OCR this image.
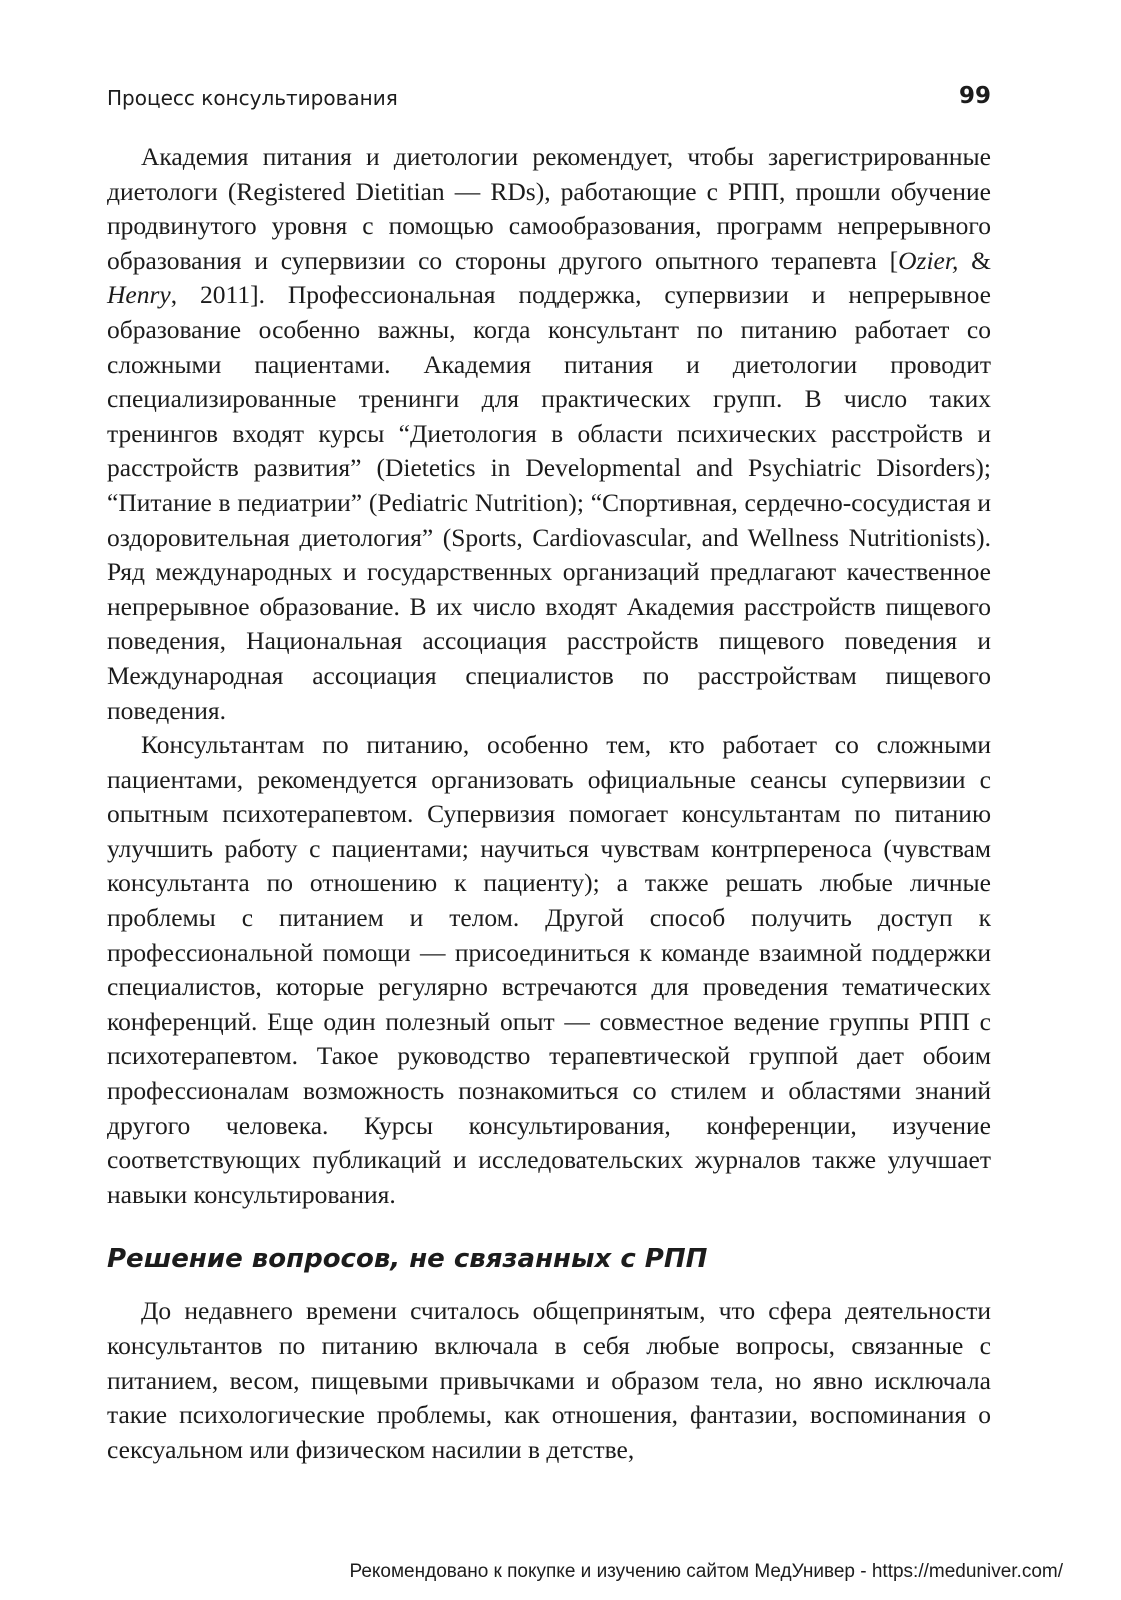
Процесс консультирования	99

Академия питания и диетологии рекомендует, чтобы зарегистрированные диетологи (Registered Dietitian — RDs), работающие с РПП, прошли обучение продвинутого уровня с помощью самообразования, программ непрерывного образования и супервизии со стороны другого опытного терапевта [Ozier, & Henry, 2011]. Профессиональная поддержка, супервизии и непрерывное образование особенно важны, когда консультант по питанию работает со сложными пациентами. Академия питания и диетологии проводит специализированные тренинги для практических групп. В число таких тренингов входят курсы “Диетология в области психических расстройств и расстройств развития” (Dietetics in Developmental and Psychiatric Disorders); “Питание в педиатрии” (Pediatric Nutrition); “Спортивная, сердечно-сосудистая и оздоровительная диетология” (Sports, Cardiovascular, and Wellness Nutritionists). Ряд международных и государственных организаций предлагают качественное непрерывное образование. В их число входят Академия расстройств пищевого поведения, Национальная ассоциация расстройств пищевого поведения и Международная ассоциация специалистов по расстройствам пищевого поведения.

Консультантам по питанию, особенно тем, кто работает со сложными пациентами, рекомендуется организовать официальные сеансы супервизии с опытным психотерапевтом. Супервизия помогает консультантам по питанию улучшить работу с пациентами; научиться чувствам контрпереноса (чувствам консультанта по отношению к пациенту); а также решать любые личные проблемы с питанием и телом. Другой способ получить доступ к профессиональной помощи — присоединиться к команде взаимной поддержки специалистов, которые регулярно встречаются для проведения тематических конференций. Еще один полезный опыт — совместное ведение группы РПП с психотерапевтом. Такое руководство терапевтической группой дает обоим профессионалам возможность познакомиться со стилем и областями знаний другого человека. Курсы консультирования, конференции, изучение соответствующих публикаций и исследовательских журналов также улучшает навыки консультирования.

Решение вопросов, не связанных с РПП

До недавнего времени считалось общепринятым, что сфера деятельности консультантов по питанию включала в себя любые вопросы, связанные с питанием, весом, пищевыми привычками и образом тела, но явно исключала такие психологические проблемы, как отношения, фантазии, воспоминания о сексуальном или физическом насилии в детстве,

Рекомендовано к покупке и изучению сайтом МедУнивер - https://meduniver.com/
